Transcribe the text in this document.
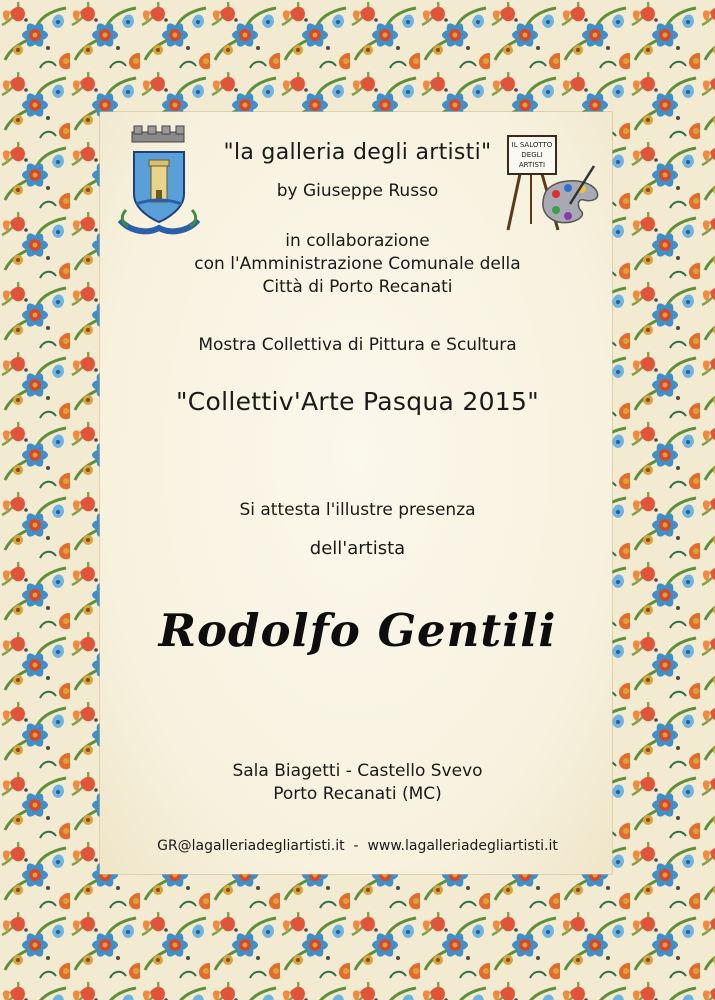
IL SALOTTO
DEGLI
ARTISTI
"la galleria degli artisti"
by Giuseppe Russo
in collaborazione
con l'Amministrazione Comunale della
Città di Porto Recanati
Mostra Collettiva di Pittura e Scultura
"Collettiv'Arte Pasqua 2015"
Si attesta l'illustre presenza
dell'artista
Rodolfo Gentili
Sala Biagetti - Castello Svevo
Porto Recanati (MC)
GR@lagalleriadegliartisti.it  -  www.lagalleriadegliartisti.it
